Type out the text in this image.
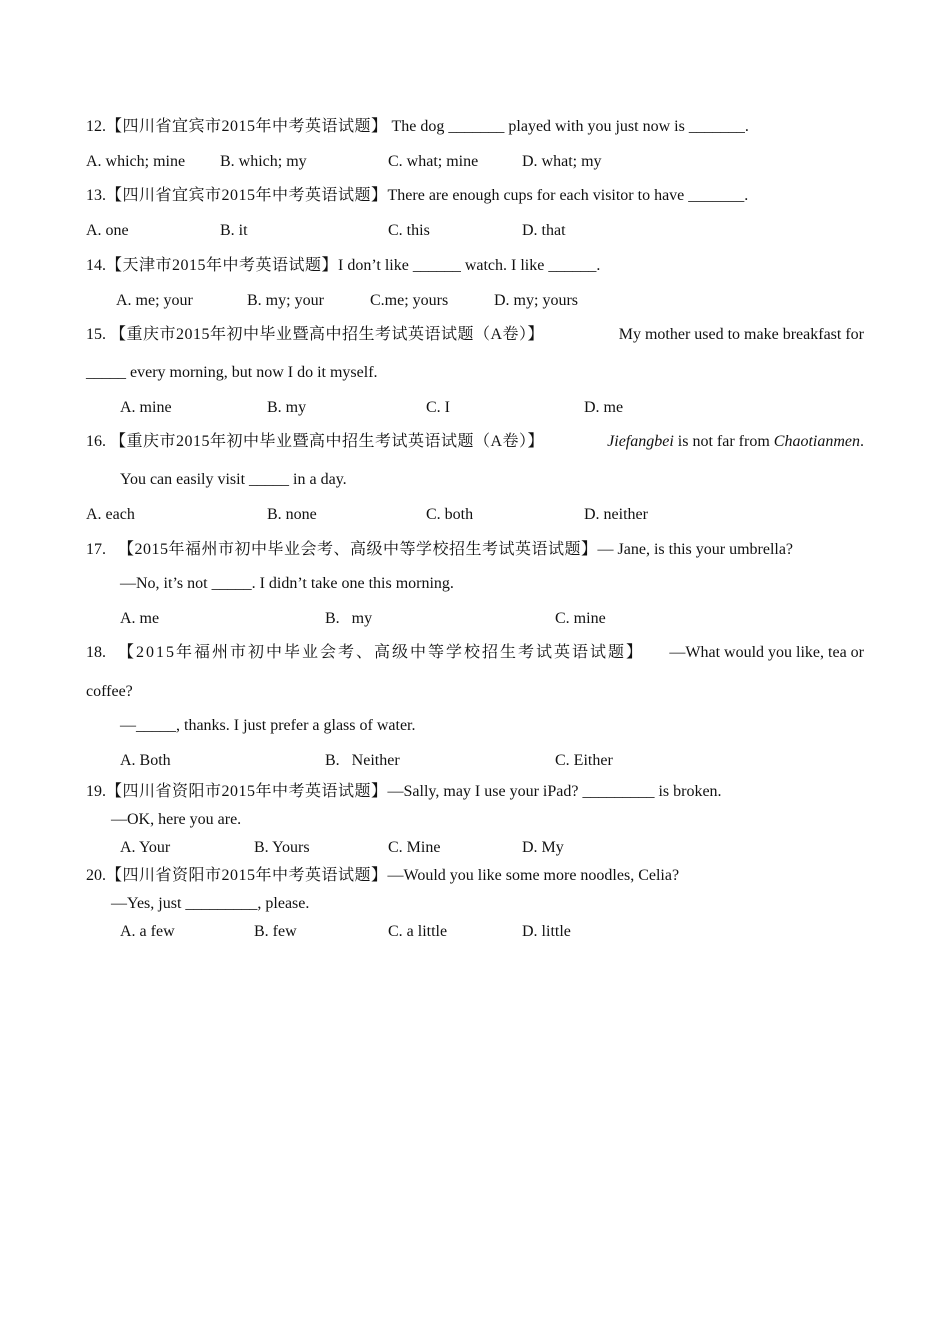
12.【四川省宜宾市2015年中考英语试题】 The dog _______ played with you just now is _______.
A. which; mine B. which; my	C. what; mine	D. what; my
13.【四川省宜宾市2015年中考英语试题】There are enough cups for each visitor to have _______.
A. one	B. it	C. this	D. that
14.【天津市2015年中考英语试题】I don’t like ______ watch. I like ______.
A. me; your	B. my; your	C.me; yours	D. my; yours
15. 【重庆市2015年初中毕业暨高中招生考试英语试题（A卷）】	My mother used to make breakfast for
_____ every morning, but now I do it myself.
A. mine	B. my	C. I	D. me
16. 【重庆市2015年初中毕业暨高中招生考试英语试题（A卷）】	Jiefangbei is not far from Chaotianmen.
You can easily visit _____ in a day.
A. each	B. none	C. both	D. neither
17. 【2015年福州市初中毕业会考、高级中等学校招生考试英语试题】— Jane, is this your umbrella?
—No, it’s not _____. I didn’t take one this morning.
A. me	B.   my	C. mine
18. 【2015年福州市初中毕业会考、高级中等学校招生考试英语试题】 —What would you like, tea or
coffee?
—_____, thanks. I just prefer a glass of water.
A. Both	B.   Neither	C. Either
19.【四川省资阳市2015年中考英语试题】—Sally, may I use your iPad? _________ is broken.
—OK, here you are.
A. Your	B. Yours	C. Mine	D. My
20.【四川省资阳市2015年中考英语试题】—Would you like some more noodles, Celia?
—Yes, just _________, please.
A. a few	B. few	C. a little	D. little
